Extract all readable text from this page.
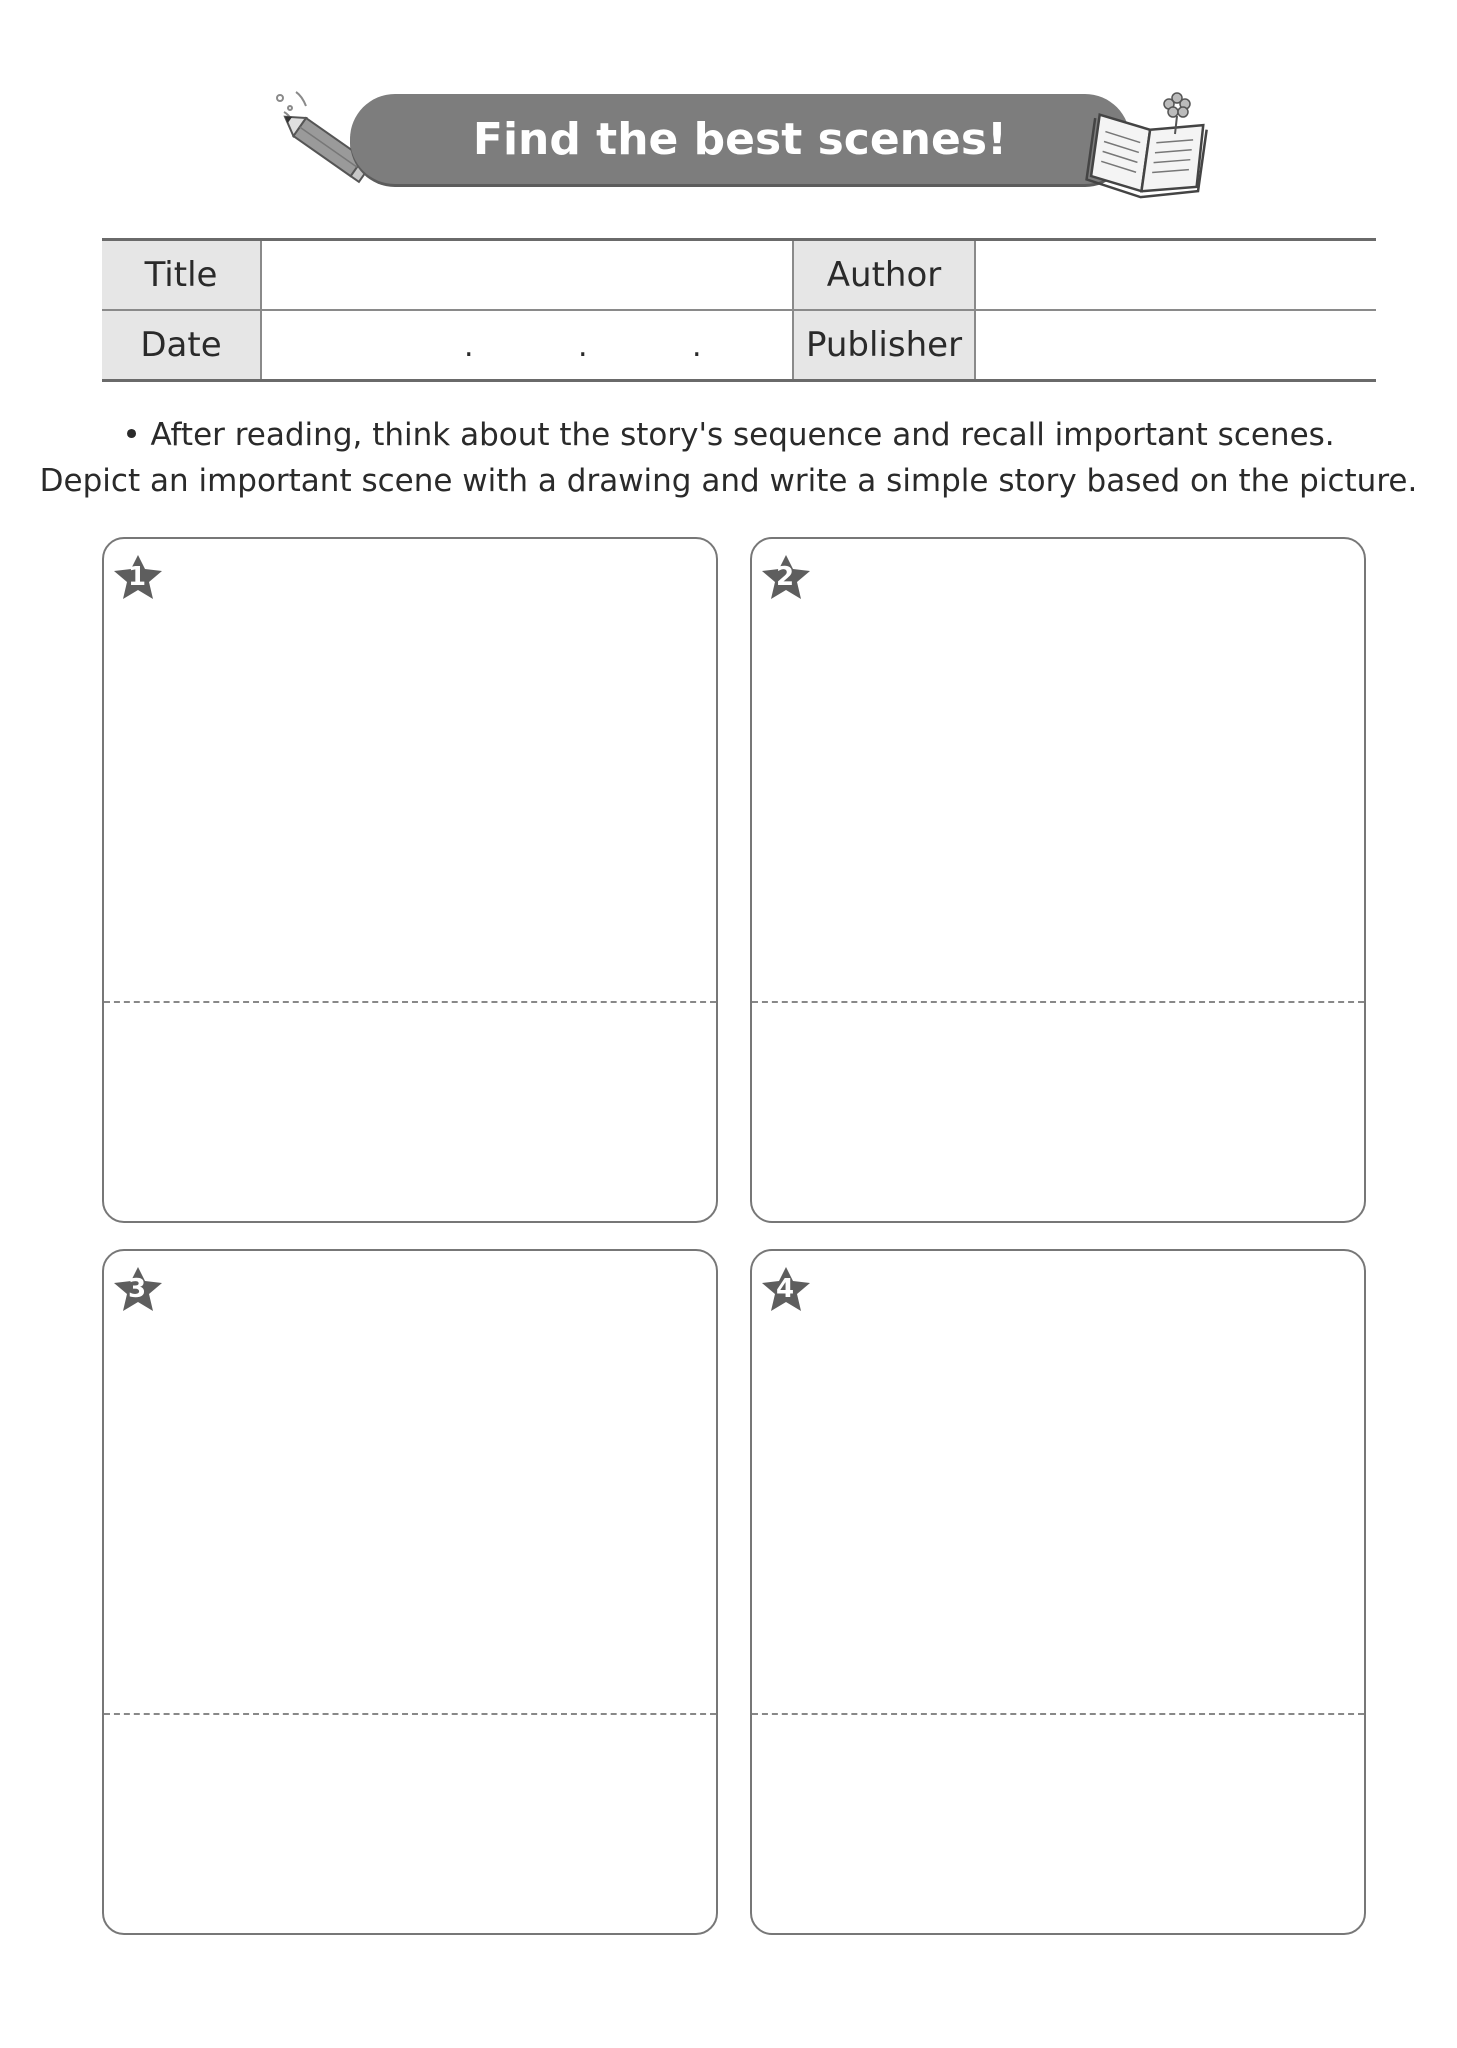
Find the best scenes!
Title		Author	
Date	. . .	Publisher	
• After reading, think about the story's sequence and recall important scenes.
Depict an important scene with a drawing and write a simple story based on the picture.
1	2
3	4
